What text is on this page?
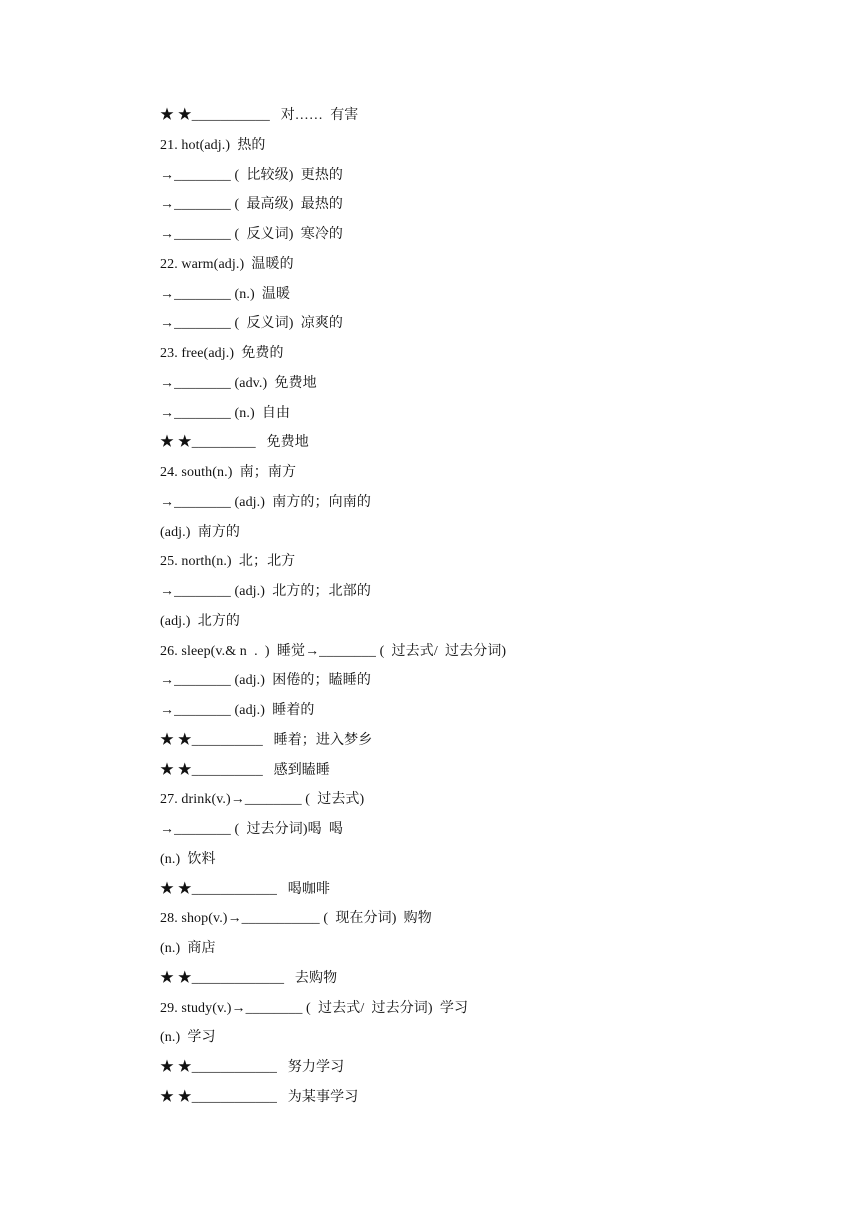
★ ★___________   对……  有害
21. hot(adj.)  热的
→________ (  比较级)  更热的
→________ (  最高级)  最热的
→________ (  反义词)  寒冷的
22. warm(adj.)  温暖的
→________ (n.)  温暖
→________ (  反义词)  凉爽的
23. free(adj.)  免费的
→________ (adv.)  免费地
→________ (n.)  自由
★ ★_________   免费地
24. south(n.)  南；南方
→________ (adj.)  南方的；向南的
(adj.)  南方的
25. north(n.)  北；北方
→________ (adj.)  北方的；北部的
(adj.)  北方的
26. sleep(v.& n  .  )  睡觉→________ (  过去式/  过去分词)
→________ (adj.)  困倦的；瞌睡的
→________ (adj.)  睡着的
★ ★__________   睡着；进入梦乡
★ ★__________   感到瞌睡
27. drink(v.)→________ (  过去式)
→________ (  过去分词)喝  喝
(n.)  饮料
★ ★____________   喝咖啡
28. shop(v.)→___________ (  现在分词)  购物
(n.)  商店
★ ★_____________   去购物
29. study(v.)→________ (  过去式/  过去分词)  学习
(n.)  学习
★ ★____________   努力学习
★ ★____________   为某事学习
